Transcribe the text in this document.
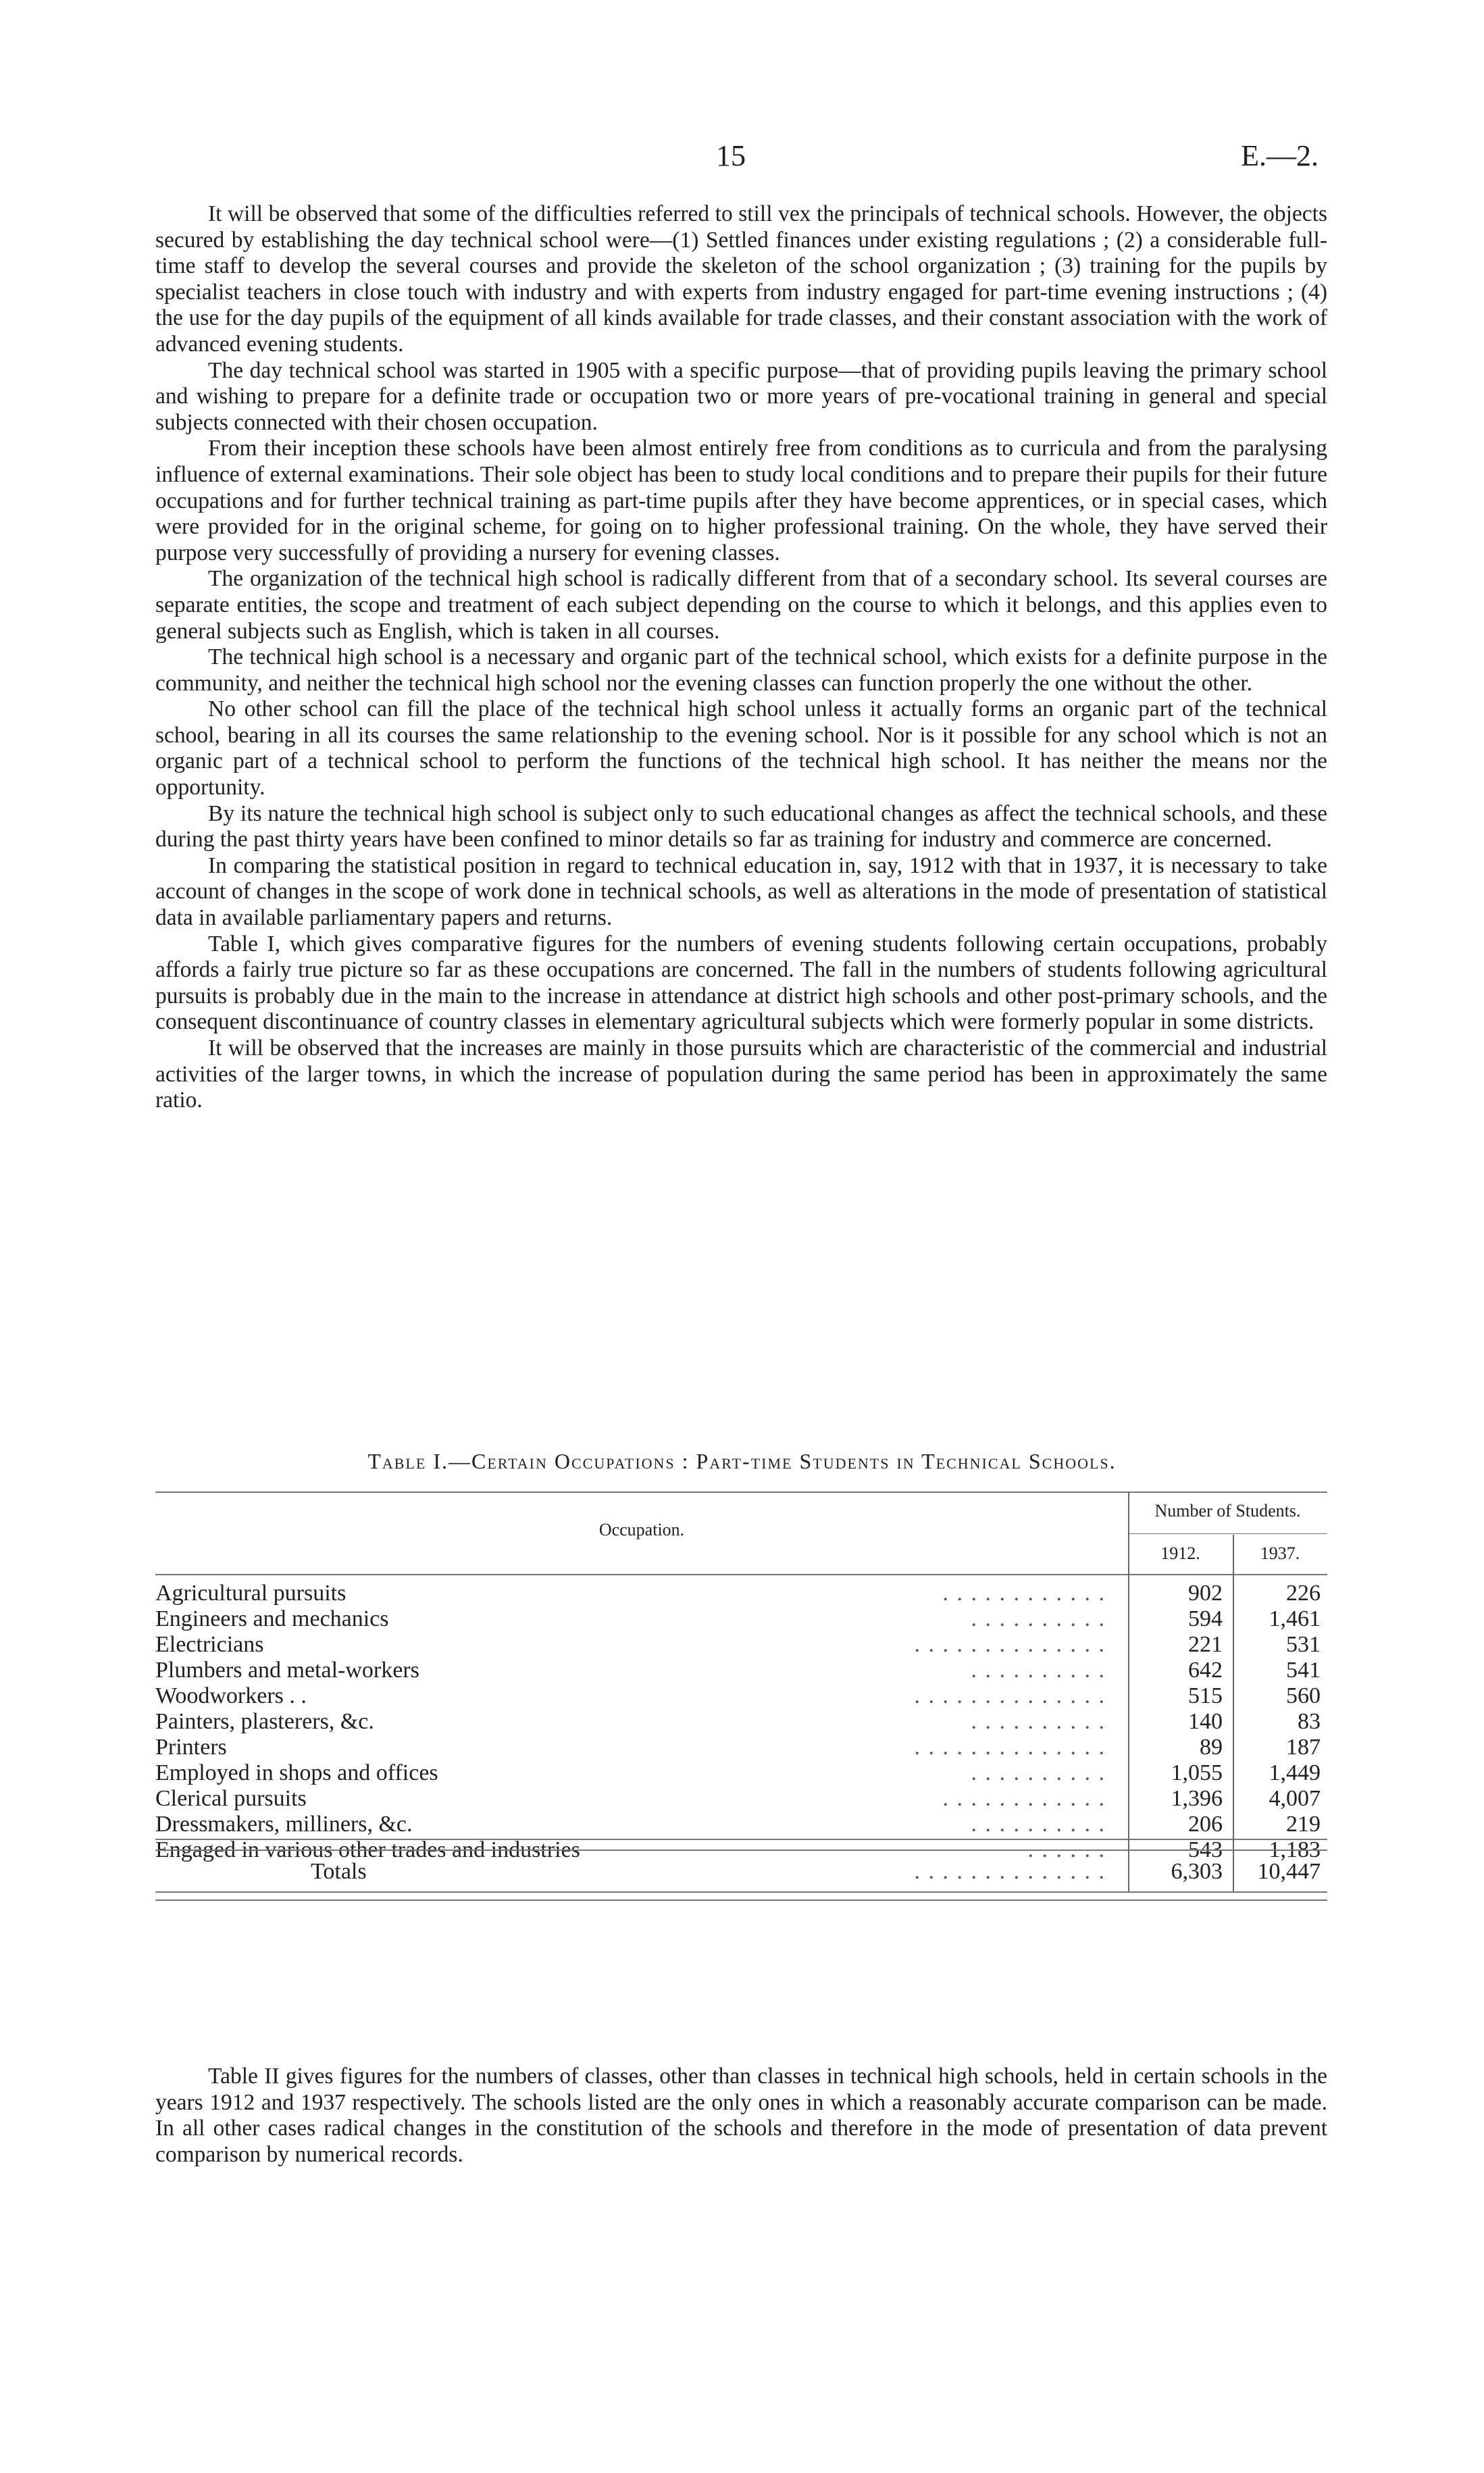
15	E.—2.

It will be observed that some of the difficulties referred to still vex the principals of technical schools. However, the objects secured by establishing the day technical school were—(1) Settled finances under existing regulations ; (2) a considerable full-time staff to develop the several courses and provide the skeleton of the school organization ; (3) training for the pupils by specialist teachers in close touch with industry and with experts from industry engaged for part-time evening instructions ; (4) the use for the day pupils of the equipment of all kinds available for trade classes, and their constant association with the work of advanced evening students.

The day technical school was started in 1905 with a specific purpose—that of providing pupils leaving the primary school and wishing to prepare for a definite trade or occupation two or more years of pre-vocational training in general and special subjects connected with their chosen occupation.

From their inception these schools have been almost entirely free from conditions as to curricula and from the paralysing influence of external examinations. Their sole object has been to study local conditions and to prepare their pupils for their future occupations and for further technical training as part-time pupils after they have become apprentices, or in special cases, which were provided for in the original scheme, for going on to higher professional training. On the whole, they have served their purpose very successfully of providing a nursery for evening classes.

The organization of the technical high school is radically different from that of a secondary school. Its several courses are separate entities, the scope and treatment of each subject depending on the course to which it belongs, and this applies even to general subjects such as English, which is taken in all courses.

The technical high school is a necessary and organic part of the technical school, which exists for a definite purpose in the community, and neither the technical high school nor the evening classes can function properly the one without the other.

No other school can fill the place of the technical high school unless it actually forms an organic part of the technical school, bearing in all its courses the same relationship to the evening school. Nor is it possible for any school which is not an organic part of a technical school to perform the functions of the technical high school. It has neither the means nor the opportunity.

By its nature the technical high school is subject only to such educational changes as affect the technical schools, and these during the past thirty years have been confined to minor details so far as training for industry and commerce are concerned.

In comparing the statistical position in regard to technical education in, say, 1912 with that in 1937, it is necessary to take account of changes in the scope of work done in technical schools, as well as alterations in the mode of presentation of statistical data in available parliamentary papers and returns.

Table I, which gives comparative figures for the numbers of evening students following certain occupations, probably affords a fairly true picture so far as these occupations are concerned. The fall in the numbers of students following agricultural pursuits is probably due in the main to the increase in attendance at district high schools and other post-primary schools, and the consequent discontinuance of country classes in elementary agricultural subjects which were formerly popular in some districts.

It will be observed that the increases are mainly in those pursuits which are characteristic of the commercial and industrial activities of the larger towns, in which the increase of population during the same period has been in approximately the same ratio.

Table I.—Certain Occupations : Part-time Students in Technical Schools.
Occupation.
Number of Students.
1912.	1937.
Agricultural pursuits	. . . . . . . . . . . .	902	226
Engineers and mechanics	. . . . . . . . . .	594	1,461
Electricians	. . . . . . . . . . . . . .	221	531
Plumbers and metal-workers	. . . . . . . . . .	642	541
Woodworkers . .	. . . . . . . . . . . . . .	515	560
Painters, plasterers, &c.	. . . . . . . . . .	140	83
Printers	. . . . . . . . . . . . . .	89	187
Employed in shops and offices	. . . . . . . . . .	1,055	1,449
Clerical pursuits	. . . . . . . . . . . .	1,396	4,007
Dressmakers, milliners, &c.	. . . . . . . . . .	206	219
Engaged in various other trades and industries	. . . . . .	543	1,183
Totals	. . . . . . . . . . . . . .	6,303	10,447

Table II gives figures for the numbers of classes, other than classes in technical high schools, held in certain schools in the years 1912 and 1937 respectively. The schools listed are the only ones in which a reasonably accurate comparison can be made. In all other cases radical changes in the constitution of the schools and therefore in the mode of presentation of data prevent comparison by numerical records.
